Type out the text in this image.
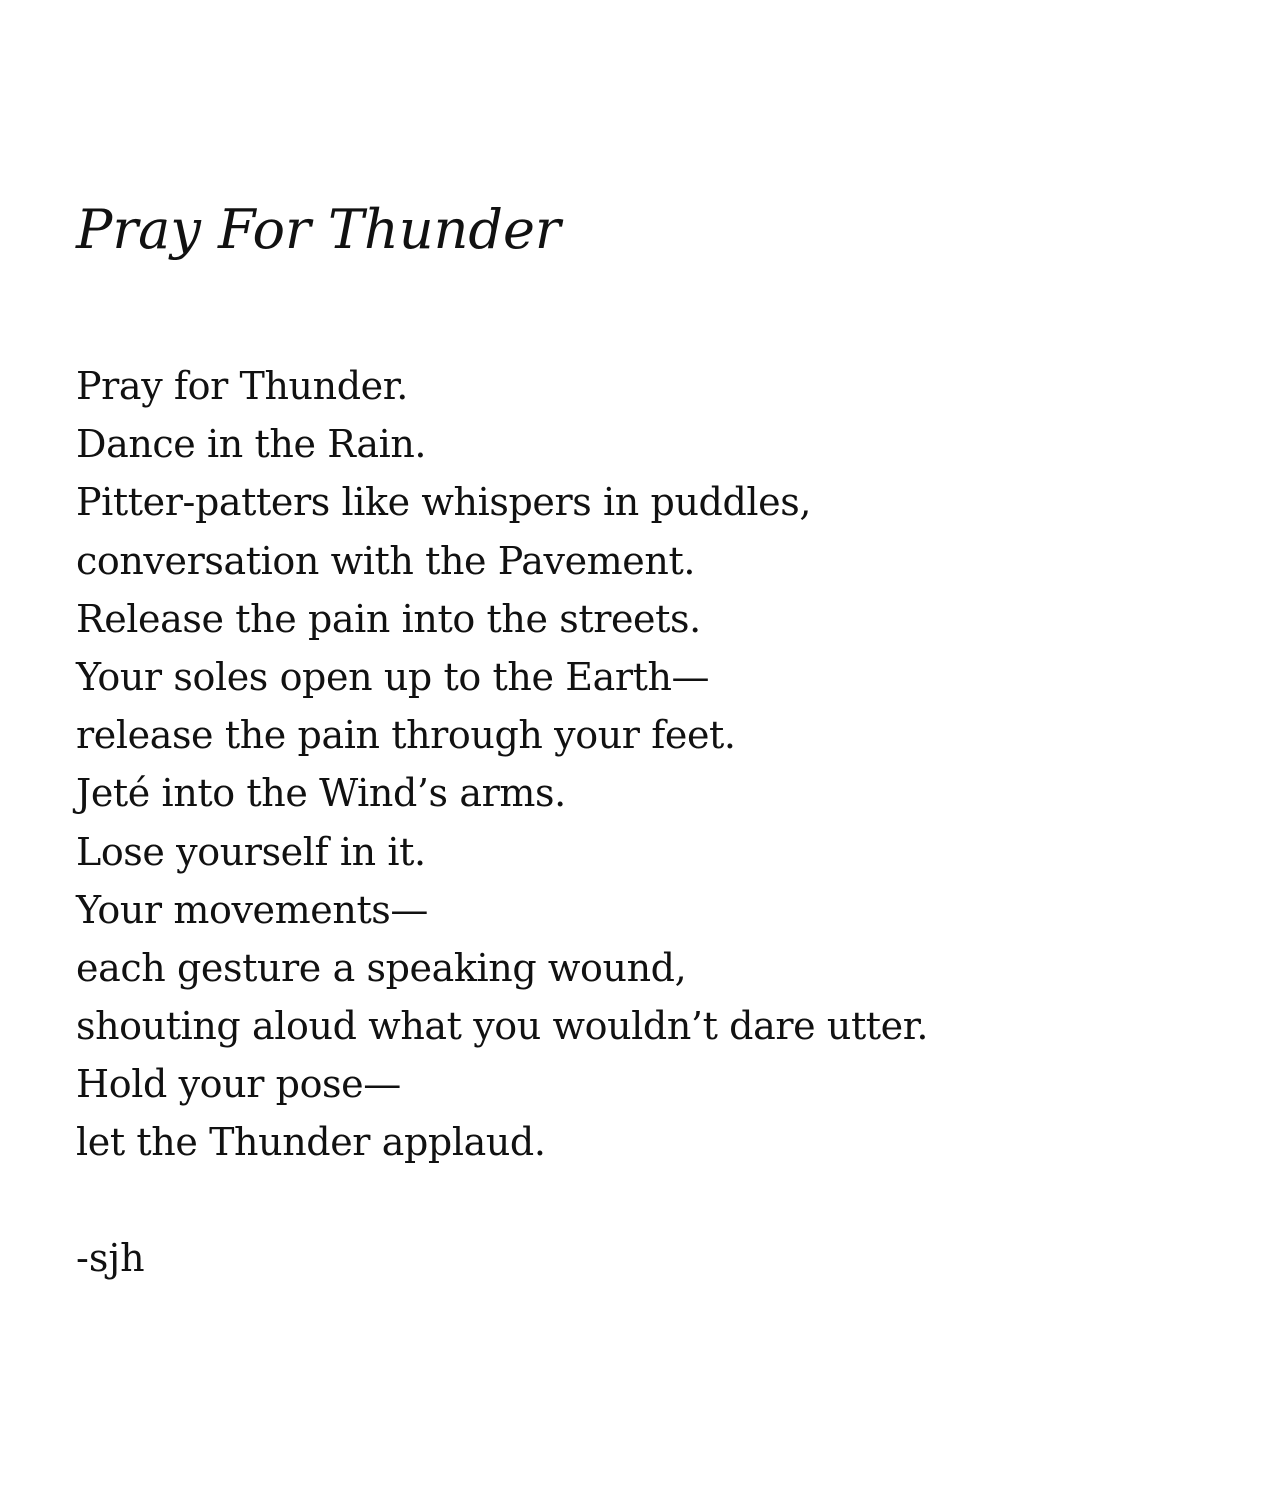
Pray For Thunder
Pray for Thunder.
Dance in the Rain.
Pitter-patters like whispers in puddles,
conversation with the Pavement.
Release the pain into the streets.
Your soles open up to the Earth—
release the pain through your feet.
Jeté into the Wind’s arms.
Lose yourself in it.
Your movements—
each gesture a speaking wound,
shouting aloud what you wouldn’t dare utter.
Hold your pose—
let the Thunder applaud.

-sjh
